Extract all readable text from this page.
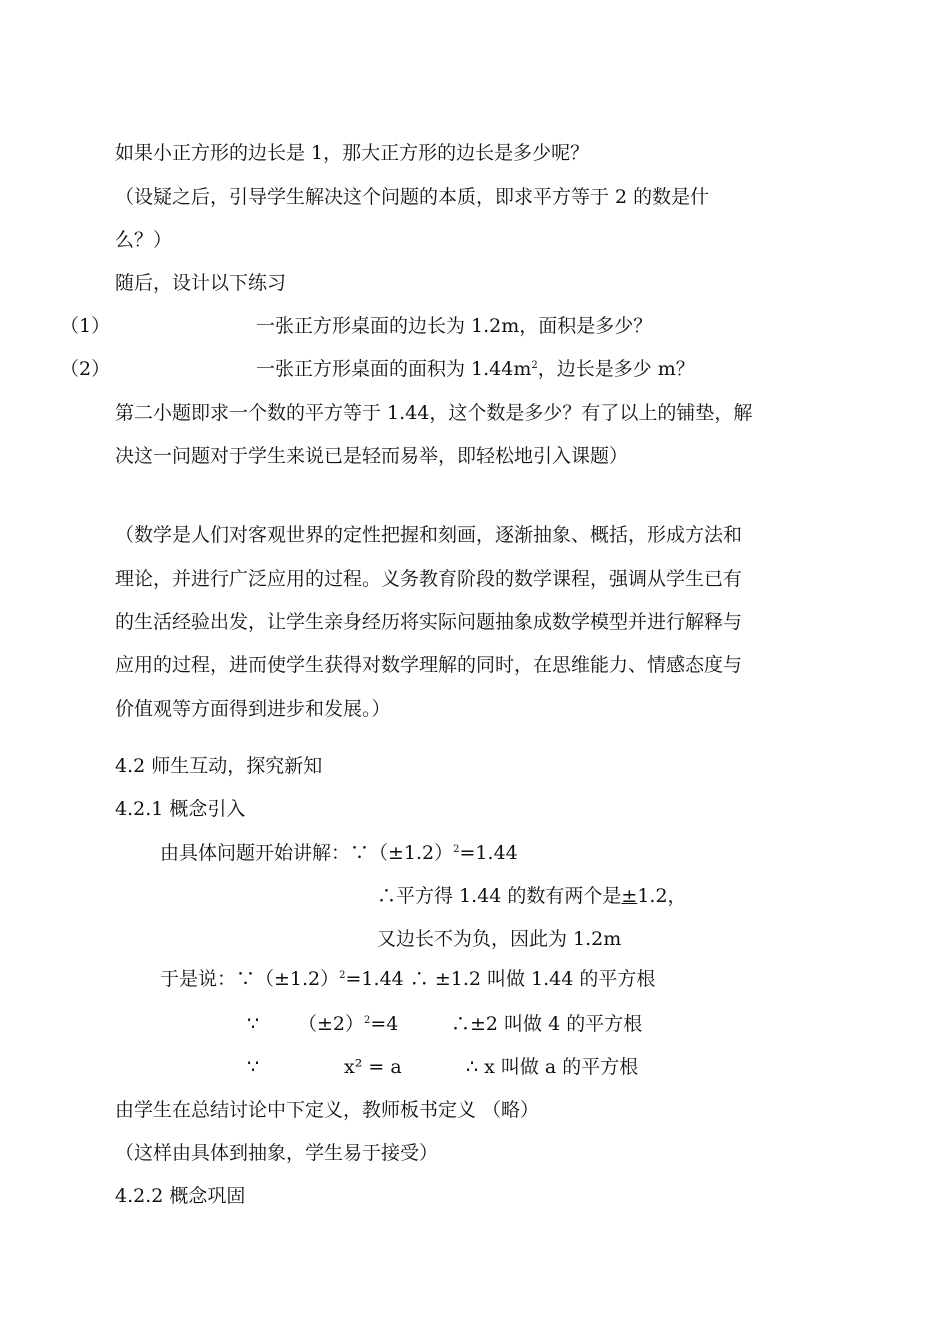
如果小正方形的边长是 1，那大正方形的边长是多少呢？

（设疑之后，引导学生解决这个问题的本质，即求平方等于 2 的数是什

么？）

随后，设计以下练习

（1）	一张正方形桌面的边长为 1.2m，面积是多少？

（2）	一张正方形桌面的面积为 $1.44m^2$，边长是多少 m？

第二小题即求一个数的平方等于 1.44，这个数是多少？有了以上的铺垫，解

决这一问题对于学生来说已是轻而易举，即轻松地引入课题）

（数学是人们对客观世界的定性把握和刻画，逐渐抽象、概括，形成方法和

理论，并进行广泛应用的过程。义务教育阶段的数学课程，强调从学生已有

的生活经验出发，让学生亲身经历将实际问题抽象成数学模型并进行解释与

应用的过程，进而使学生获得对数学理解的同时，在思维能力、情感态度与

价值观等方面得到进步和发展。）

4.2 师生互动，探究新知

4.2.1 概念引入

由具体问题开始讲解：$\because(\pm 1.2)^2=1.44$

∴平方得 1.44 的数有两个是±1.2，

又边长不为负，因此为 1.2m

于是说：$\because(\pm 1.2)^2=1.44$ ∴ ±1.2 叫做 1.44 的平方根

∵ $(\pm 2)^2=4$	∴±2 叫做 4 的平方根

∵	x² = a	∴ x 叫做 a 的平方根

由学生在总结讨论中下定义，教师板书定义 （略）

（这样由具体到抽象，学生易于接受）

4.2.2 概念巩固
